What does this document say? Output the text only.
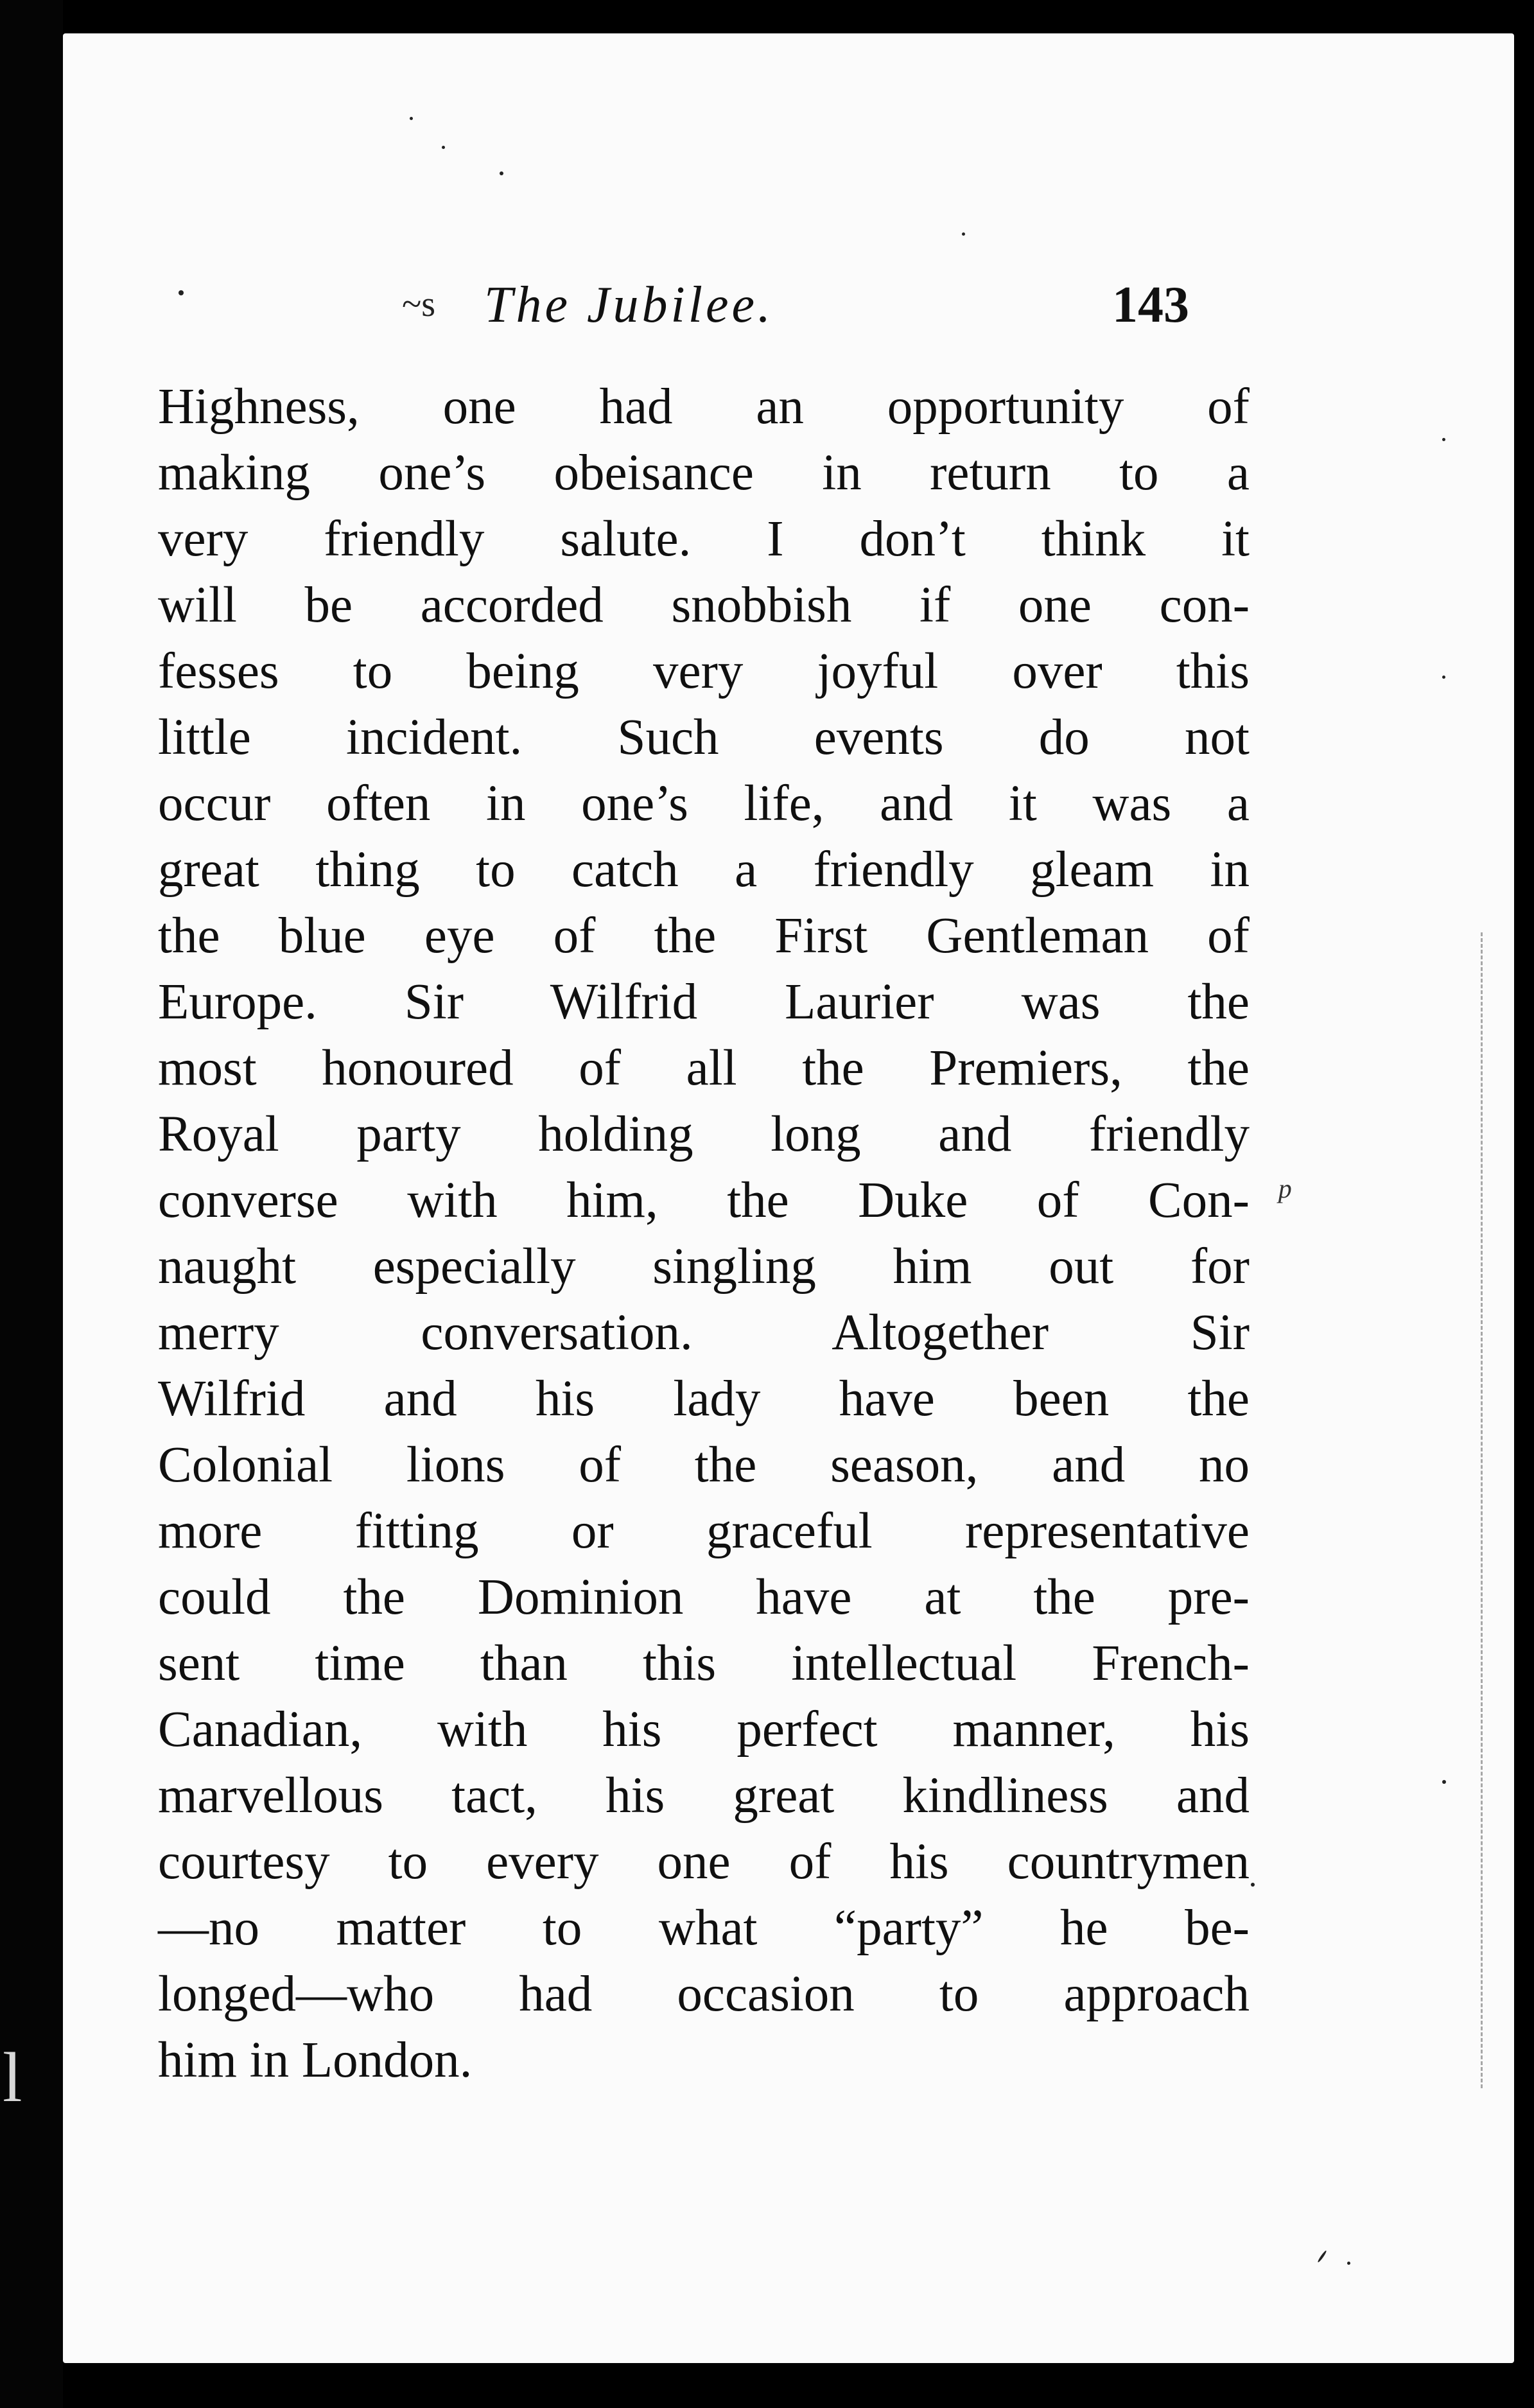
l
~s The Jubilee.	143
Highness, one had an opportunity of
making one’s obeisance in return to a
very friendly salute. I don’t think it
will be accorded snobbish if one con-
fesses to being very joyful over this
little incident. Such events do not
occur often in one’s life, and it was a
great thing to catch a friendly gleam in
the blue eye of the First Gentleman of
Europe. Sir Wilfrid Laurier was the
most honoured of all the Premiers, the
Royal party holding long and friendly
converse with him, the Duke of Con-
naught especially singling him out for
merry conversation. Altogether Sir
Wilfrid and his lady have been the
Colonial lions of the season, and no
more fitting or graceful representative
could the Dominion have at the pre-
sent time than this intellectual French-
Canadian, with his perfect manner, his
marvellous tact, his great kindliness and
courtesy to every one of his countrymen
—no matter to what “party” he be-
longed—who had occasion to approach
him in London.
ᵖ
